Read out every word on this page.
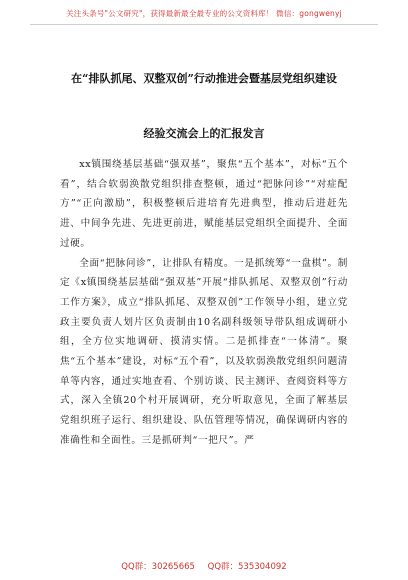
关注头条号"公文研究"，获得最新最全最专业的公文资料库！ 微信：gongwenyj
在“排队抓尾、双整双创”行动推进会暨基层党组织建设
经验交流会上的汇报发言

xx镇围绕基层基础“强双基”，聚焦“五个基本”，对标“五个看”，结合软弱涣散党组织排查整顿，通过“把脉问诊”“对症配方”“正向激励”，积极整顿后进培育先进典型，推动后进赶先进、中间争先进、先进更前进，赋能基层党组织全面提升、全面过硬。

全面“把脉问诊”，让排队有精度。一是抓统筹“一盘棋”。制定《x镇围绕基层基础“强双基”开展“排队抓尾、双整双创”行动工作方案》，成立“排队抓尾、双整双创”工作领导小组，建立党政主要负责人划片区负责制由10名副科级领导带队组成调研小组，全方位实地调研、摸清实情。二是抓排查“一体清”。聚焦“五个基本”建设，对标“五个看”，以及软弱涣散党组织问题清单等内容，通过实地查看、个别访谈、民主测评、查阅资料等方式，深入全镇20个村开展调研，充分听取意见，全面了解基层党组织班子运行、组织建设、队伍管理等情况，确保调研内容的准确性和全面性。三是抓研判“一把尺”。严

QQ群：30265665 QQ群：535304092
